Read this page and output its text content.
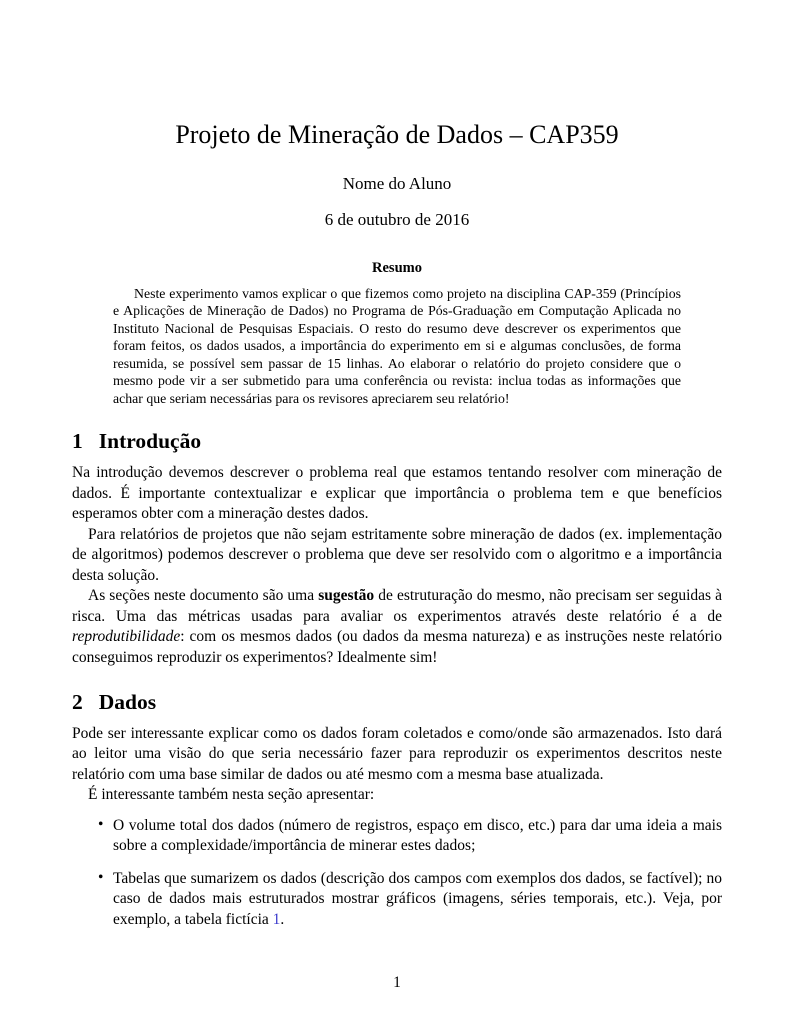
Projeto de Mineração de Dados – CAP359
Nome do Aluno
6 de outubro de 2016
Resumo

Neste experimento vamos explicar o que fizemos como projeto na disciplina CAP-359 (Princípios e Aplicações de Mineração de Dados) no Programa de Pós-Graduação em Computação Aplicada no Instituto Nacional de Pesquisas Espaciais. O resto do resumo deve descrever os experimentos que foram feitos, os dados usados, a importância do experimento em si e algumas conclusões, de forma resumida, se possível sem passar de 15 linhas. Ao elaborar o relatório do projeto considere que o mesmo pode vir a ser submetido para uma conferência ou revista: inclua todas as informações que achar que seriam necessárias para os revisores apreciarem seu relatório!

1 Introdução

Na introdução devemos descrever o problema real que estamos tentando resolver com mineração de dados. É importante contextualizar e explicar que importância o problema tem e que benefícios esperamos obter com a mineração destes dados.

Para relatórios de projetos que não sejam estritamente sobre mineração de dados (ex. implementação de algoritmos) podemos descrever o problema que deve ser resolvido com o algoritmo e a importância desta solução.

As seções neste documento são uma sugestão de estruturação do mesmo, não precisam ser seguidas à risca. Uma das métricas usadas para avaliar os experimentos através deste relatório é a de reprodutibilidade: com os mesmos dados (ou dados da mesma natureza) e as instruções neste relatório conseguimos reproduzir os experimentos? Idealmente sim!

2 Dados

Pode ser interessante explicar como os dados foram coletados e como/onde são armazenados. Isto dará ao leitor uma visão do que seria necessário fazer para reproduzir os experimentos descritos neste relatório com uma base similar de dados ou até mesmo com a mesma base atualizada.

É interessante também nesta seção apresentar:

• O volume total dos dados (número de registros, espaço em disco, etc.) para dar uma ideia a mais sobre a complexidade/importância de minerar estes dados;
• Tabelas que sumarizem os dados (descrição dos campos com exemplos dos dados, se factível); no caso de dados mais estruturados mostrar gráficos (imagens, séries temporais, etc.). Veja, por exemplo, a tabela fictícia 1.
1
